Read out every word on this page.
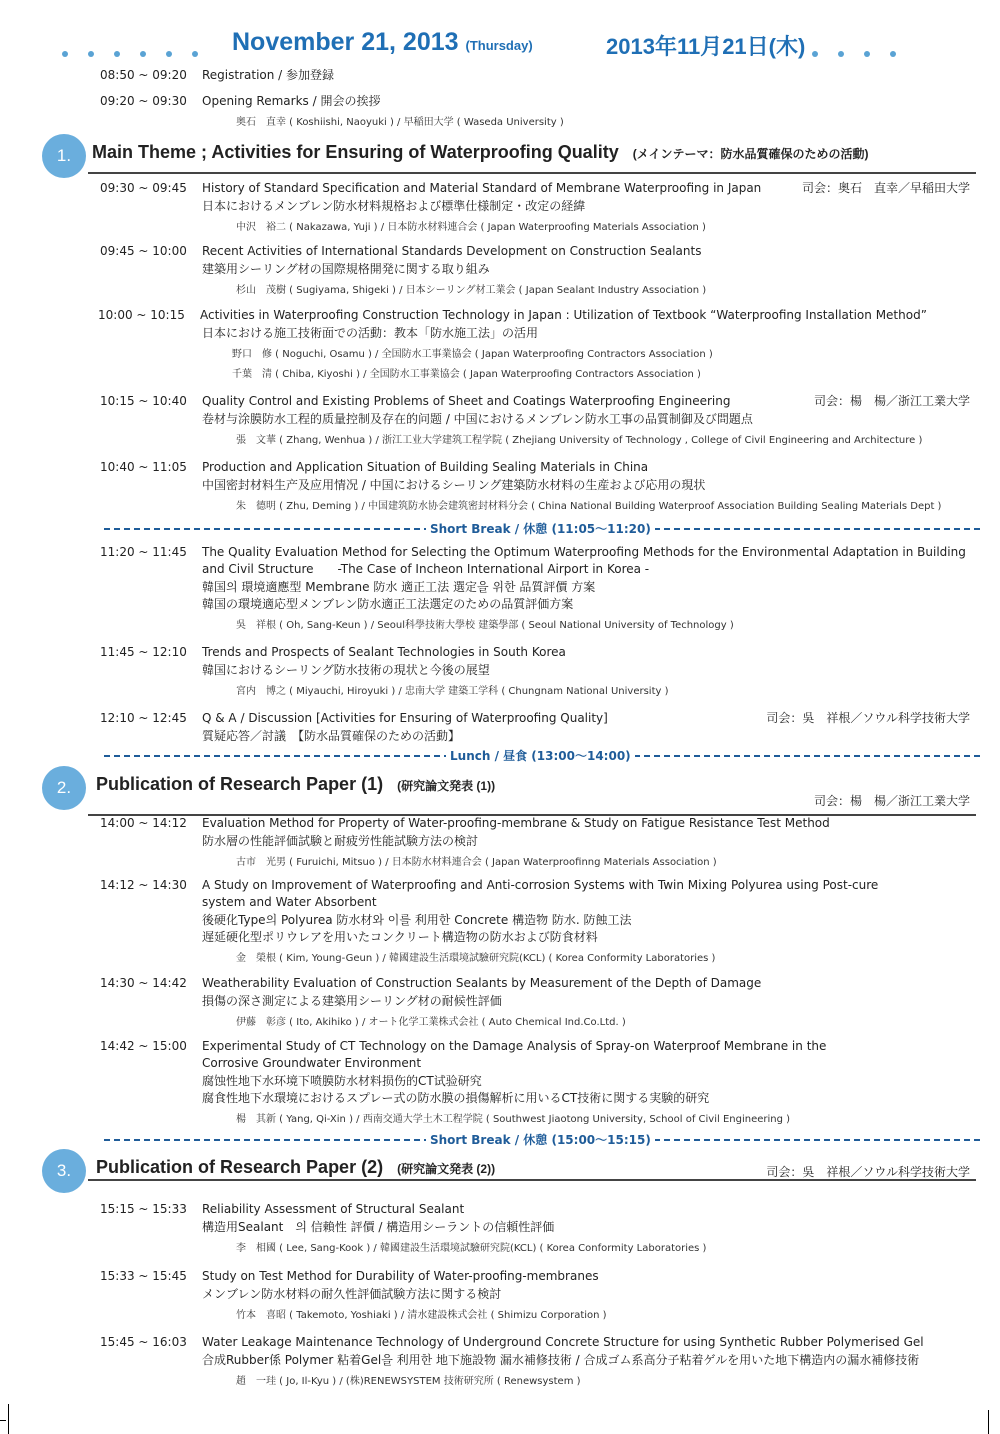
November 21, 2013 (Thursday)	2013年11月21日(木)
08:50 ~ 09:20 Registration / 参加登録
09:20 ~ 09:30 Opening Remarks / 開会の挨拶
奥石　直幸 ( Koshiishi, Naoyuki ) / 早稲田大学 ( Waseda University )
1.	Main Theme ; Activities for Ensuring of Waterproofing Quality (メインテーマ：防水品質確保のための活動)
09:30 ~ 09:45 History of Standard Specification and Material Standard of Membrane Waterproofing in Japan	司会：奥石　直幸／早稲田大学
日本におけるメンブレン防水材料規格および標準仕様制定・改定の経緯
中沢　裕二 ( Nakazawa, Yuji ) / 日本防水材料連合会 ( Japan Waterproofing Materials Association )
09:45 ~ 10:00 Recent Activities of International Standards Development on Construction Sealants
建築用シーリング材の国際規格開発に関する取り組み
杉山　茂樹 ( Sugiyama, Shigeki ) / 日本シーリング材工業会 ( Japan Sealant Industry Association )
10:00 ~ 10:15 Activities in Waterproofing Construction Technology in Japan : Utilization of Textbook “Waterproofing Installation Method”
日本における施工技術面での活動：教本「防水施工法」の活用
野口　修 ( Noguchi, Osamu ) / 全国防水工事業協会 ( Japan Waterproofing Contractors Association )
千葉　清 ( Chiba, Kiyoshi ) / 全国防水工事業協会 ( Japan Waterproofing Contractors Association )
10:15 ~ 10:40 Quality Control and Existing Problems of Sheet and Coatings Waterproofing Engineering	司会：楊　楊／浙江工業大学
卷材与涂膜防水工程的质量控制及存在的问题 / 中国におけるメンブレン防水工事の品質制御及び問題点
張　文華 ( Zhang, Wenhua ) / 浙江工业大学建筑工程学院 ( Zhejiang University of Technology , College of Civil Engineering and Architecture )
10:40 ~ 11:05 Production and Application Situation of Building Sealing Materials in China
中国密封材料生产及应用情况 / 中国におけるシーリング建築防水材料の生産および応用の現状
朱　德明 ( Zhu, Deming ) / 中国建筑防水协会建筑密封材料分会 ( China National Building Waterproof Association Building Sealing Materials Dept )
Short Break / 休憩 (11:05〜11:20)
11:20 ~ 11:45 The Quality Evaluation Method for Selecting the Optimum Waterproofing Methods for the Environmental Adaptation in Building and Civil Structure　　-The Case of Incheon International Airport in Korea -
韓国의 環境適應型 Membrane 防水 適正工法 選定을 위한 品質評價 方案
韓国の環境適応型メンブレン防水適正工法選定のための品質評価方案
吳　祥根 ( Oh, Sang-Keun ) / Seoul科學技術大學校 建築學部 ( Seoul National University of Technology )
11:45 ~ 12:10 Trends and Prospects of Sealant Technologies in South Korea
韓国におけるシーリング防水技術の現状と今後の展望
宮内　博之 ( Miyauchi, Hiroyuki ) / 忠南大学 建築工学科 ( Chungnam National University )
12:10 ~ 12:45 Q & A / Discussion [Activities for Ensuring of Waterproofing Quality]	司会：吳　祥根／ソウル科学技術大学
質疑応答／討議　【防水品質確保のための活動】
Lunch / 昼食 (13:00〜14:00)
2.	Publication of Research Paper (1) (研究論文発表 (1))
司会：楊　楊／浙江工業大学
14:00 ~ 14:12 Evaluation Method for Property of Water-proofing-membrane & Study on Fatigue Resistance Test Method
防水層の性能評価試験と耐疲労性能試験方法の検討
古市　光男 ( Furuichi, Mitsuo ) / 日本防水材料連合会 ( Japan Waterproofinng Materials Association )
14:12 ~ 14:30 A Study on Improvement of Waterproofing and Anti-corrosion Systems with Twin Mixing Polyurea using Post-cure system and Water Absorbent
後硬化Type의 Polyurea 防水材와 이를 利用한 Concrete 構造物 防水. 防蝕工法
遅延硬化型ポリウレアを用いたコンクリート構造物の防水および防食材料
金　榮根 ( Kim, Young-Geun ) / 韓國建設生活環境試驗研究院(KCL) ( Korea Conformity Laboratories )
14:30 ~ 14:42 Weatherability Evaluation of Construction Sealants by Measurement of the Depth of Damage
損傷の深さ測定による建築用シーリング材の耐候性評価
伊藤　彰彦 ( Ito, Akihiko ) / オート化学工業株式会社 ( Auto Chemical Ind.Co.Ltd. )
14:42 ~ 15:00 Experimental Study of CT Technology on the Damage Analysis of Spray-on Waterproof Membrane in the Corrosive Groundwater Environment
腐蚀性地下水环境下喷膜防水材料损伤的CT试验研究
腐食性地下水環境におけるスプレー式の防水膜の損傷解析に用いるCT技術に関する実験的研究
楊　其新 ( Yang, Qi-Xin ) / 西南交通大学土木工程学院 ( Southwest Jiaotong University, School of Civil Engineering )
Short Break / 休憩 (15:00〜15:15)
3.	Publication of Research Paper (2) (研究論文発表 (2))	司会：吳　祥根／ソウル科学技術大学
15:15 ~ 15:33 Reliability Assessment of Structural Sealant
構造用Sealant　의 信賴性 評價 / 構造用シーラントの信頼性評価
李　相國 ( Lee, Sang-Kook ) / 韓國建設生活環境試驗研究院(KCL) ( Korea Conformity Laboratories )
15:33 ~ 15:45 Study on Test Method for Durability of Water-proofing-membranes
メンブレン防水材料の耐久性評価試験方法に関する検討
竹本　喜昭 ( Takemoto, Yoshiaki ) / 清水建設株式会社 ( Shimizu Corporation )
15:45 ~ 16:03 Water Leakage Maintenance Technology of Underground Concrete Structure for using Synthetic Rubber Polymerised Gel
合成Rubber係 Polymer 粘着Gel을 利用한 地下施設物 漏水補修技術 / 合成ゴム系高分子粘着ゲルを用いた地下構造内の漏水補修技術
趙　一珪 ( Jo, Il-Kyu ) / (株)RENEWSYSTEM 技術研究所 ( Renewsystem )
